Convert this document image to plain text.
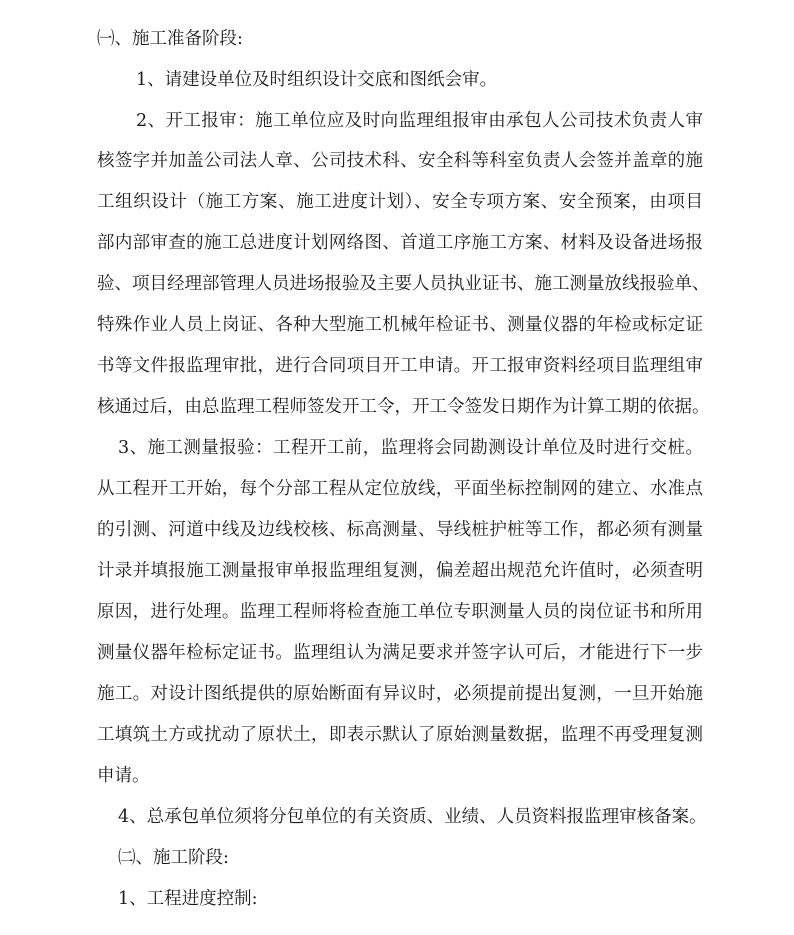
㈠、施工准备阶段:
1、请建设单位及时组织设计交底和图纸会审。
2、开工报审：施工单位应及时向监理组报审由承包人公司技术负责人审
核签字并加盖公司法人章、公司技术科、安全科等科室负责人会签并盖章的施
工组织设计（施工方案、施工进度计划）、安全专项方案、安全预案，由项目
部内部审查的施工总进度计划网络图、首道工序施工方案、材料及设备进场报
验、项目经理部管理人员进场报验及主要人员执业证书、施工测量放线报验单、
特殊作业人员上岗证、各种大型施工机械年检证书、测量仪器的年检或标定证
书等文件报监理审批，进行合同项目开工申请。开工报审资料经项目监理组审
核通过后，由总监理工程师签发开工令，开工令签发日期作为计算工期的依据。
3、施工测量报验：工程开工前，监理将会同勘测设计单位及时进行交桩。
从工程开工开始，每个分部工程从定位放线，平面坐标控制网的建立、水准点
的引测、河道中线及边线校核、标高测量、导线桩护桩等工作，都必须有测量
计录并填报施工测量报审单报监理组复测，偏差超出规范允许值时，必须查明
原因，进行处理。监理工程师将检查施工单位专职测量人员的岗位证书和所用
测量仪器年检标定证书。监理组认为满足要求并签字认可后，才能进行下一步
施工。对设计图纸提供的原始断面有异议时，必须提前提出复测，一旦开始施
工填筑土方或扰动了原状土，即表示默认了原始测量数据，监理不再受理复测
申请。
4、总承包单位须将分包单位的有关资质、业绩、人员资料报监理审核备案。
㈡、施工阶段:
1、工程进度控制:
